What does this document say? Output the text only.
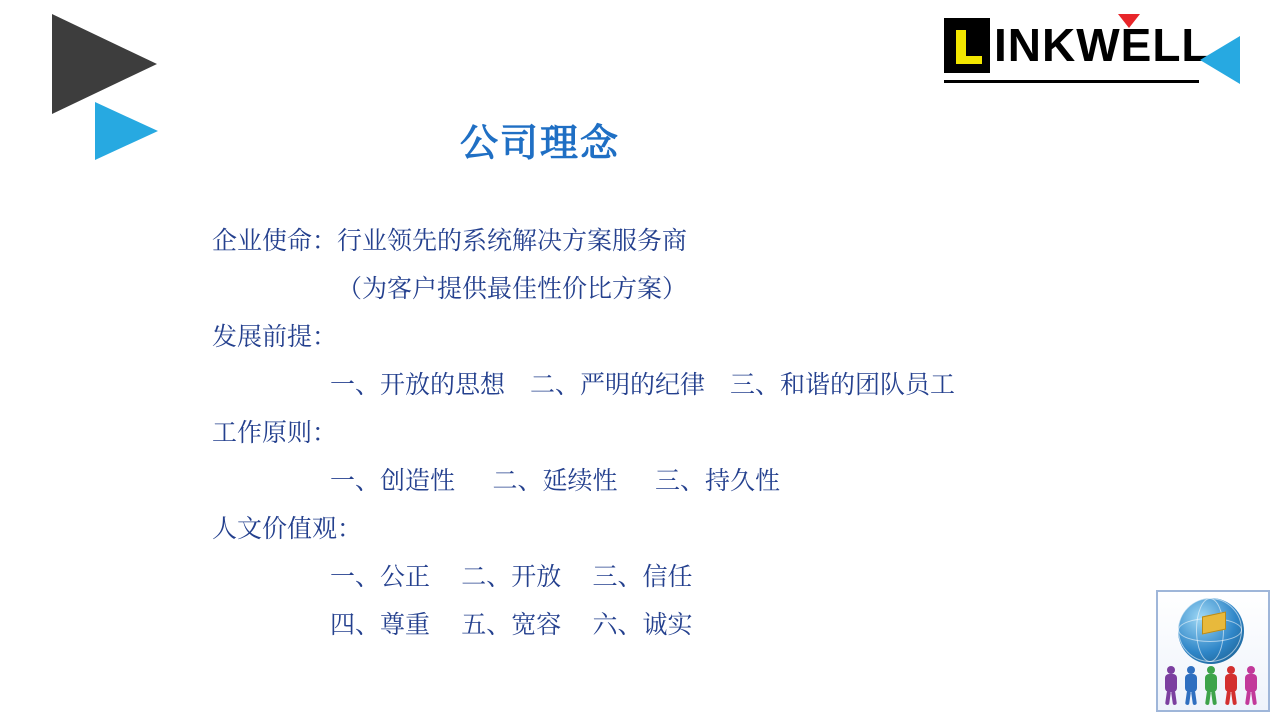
INKWELL
公司理念
企业使命：行业领先的系统解决方案服务商
（为客户提供最佳性价比方案）
发展前提：
一、开放的思想    二、严明的纪律    三、和谐的团队员工
工作原则：
一、创造性      二、延续性      三、持久性
人文价值观：
一、公正     二、开放     三、信任
四、尊重     五、宽容     六、诚实
